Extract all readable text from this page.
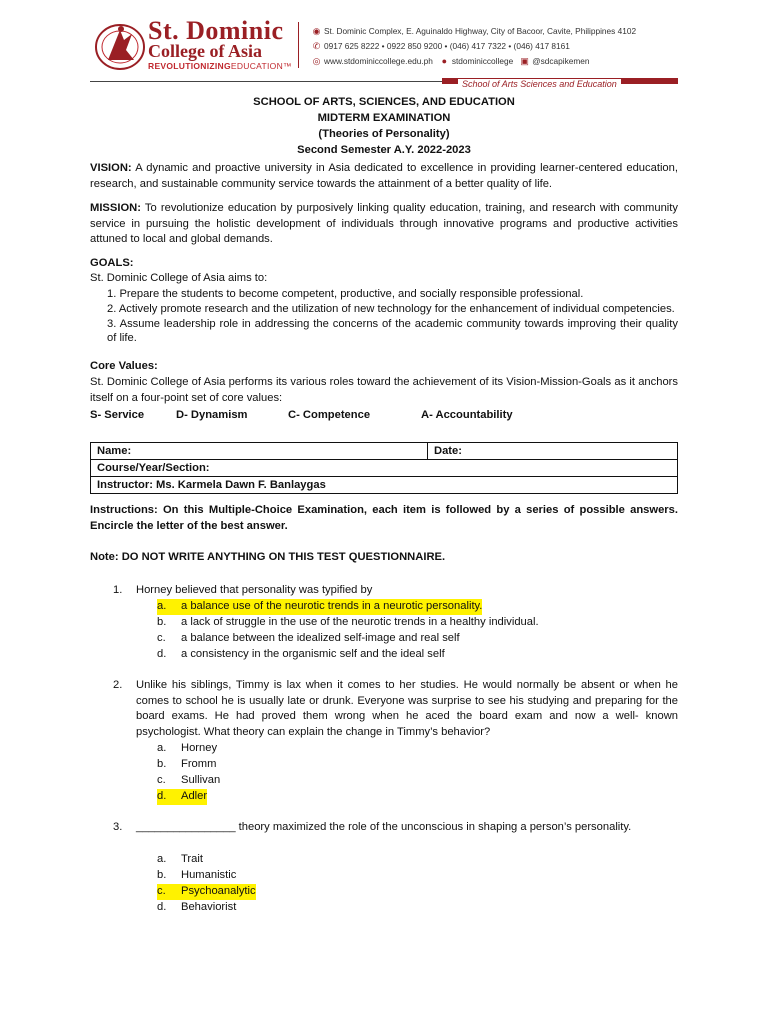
St. Dominic
College of Asia
REVOLUTIONIZINGEDUCATION™
◉ St. Dominic Complex, E. Aguinaldo Highway, City of Bacoor, Cavite, Philippines 4102
✆ 0917 625 8222 • 0922 850 9200 • (046) 417 7322 • (046) 417 8161
◎ www.stdominiccollege.edu.ph ● stdominiccollege ▣ @sdcapikemen
School of Arts Sciences and Education
SCHOOL OF ARTS, SCIENCES, AND EDUCATION
MIDTERM EXAMINATION
(Theories of Personality)
Second Semester A.Y. 2022-2023
VISION: A dynamic and proactive university in Asia dedicated to excellence in providing learner-centered education, research, and sustainable community service towards the attainment of a better quality of life.
MISSION: To revolutionize education by purposively linking quality education, training, and research with community service in pursuing the holistic development of individuals through innovative programs and productive activities attuned to local and global demands.
GOALS:
St. Dominic College of Asia aims to:
1. Prepare the students to become competent, productive, and socially responsible professional.
2. Actively promote research and the utilization of new technology for the enhancement of individual competencies.
3. Assume leadership role in addressing the concerns of the academic community towards improving their quality of life.
Core Values:
St. Dominic College of Asia performs its various roles toward the achievement of its Vision-Mission-Goals as it anchors itself on a four-point set of core values:
S- Service	D- Dynamism	C- Competence	A- Accountability
Name:	Date:
Course/Year/Section:
Instructor: Ms. Karmela Dawn F. Banlaygas
Instructions: On this Multiple-Choice Examination, each item is followed by a series of possible answers. Encircle the letter of the best answer.
Note: DO NOT WRITE ANYTHING ON THIS TEST QUESTIONNAIRE.
1. Horney believed that personality was typified by
a. a balance use of the neurotic trends in a neurotic personality.
b. a lack of struggle in the use of the neurotic trends in a healthy individual.
c. a balance between the idealized self-image and real self
d. a consistency in the organismic self and the ideal self
2. Unlike his siblings, Timmy is lax when it comes to her studies. He would normally be absent or when he comes to school he is usually late or drunk. Everyone was surprise to see his studying and preparing for the board exams. He had proved them wrong when he aced the board exam and now a well- known psychologist. What theory can explain the change in Timmy’s behavior?
a. Horney
b. Fromm
c. Sullivan
d. Adler
3. ________________ theory maximized the role of the unconscious in shaping a person’s personality.
a. Trait
b. Humanistic
c. Psychoanalytic
d. Behaviorist
